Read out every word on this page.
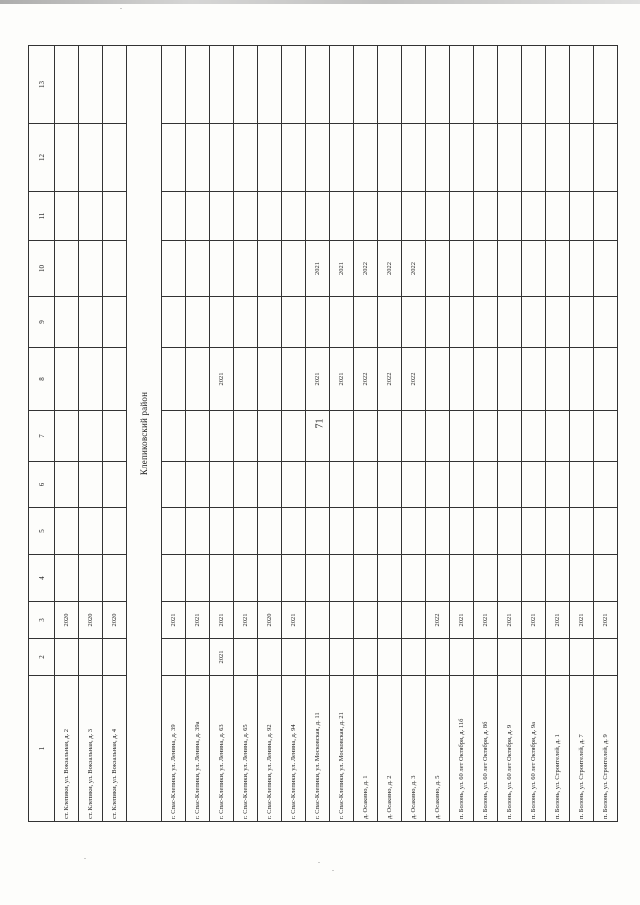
71
1	2	3	4	5	6	7	8	9	10	11	12	13
ст. Клепики, ул. Вокзальная, д. 2		2020										
ст. Клепики, ул. Вокзальная, д. 3		2020										
ст. Клепики, ул. Вокзальная, д. 4		2020										
Клепиковский район												
г. Спас-Клепики, ул. Ленина, д. 39		2021										
г. Спас-Клепики, ул. Ленина, д. 39а		2021										
г. Спас-Клепики, ул. Ленина, д. 63	2021	2021					2021					
г. Спас-Клепики, ул. Ленина, д. 65		2021										
г. Спас-Клепики, ул. Ленина, д. 92		2020										
г. Спас-Клепики, ул. Ленина, д. 94		2021										
г. Спас-Клепики, ул. Московская, д. 11							2021		2021			
г. Спас-Клепики, ул. Московская, д. 21							2021		2021			
д. Осакино, д. 1							2022		2022			
д. Осакино, д. 2							2022		2022			
д. Осакино, д. 3							2022		2022			
д. Осакино, д. 5		2022										
п. Болонь, ул. 60 лет Октября, д. 11б		2021										
п. Болонь, ул. 60 лет Октября, д. 8б		2021										
п. Болонь, ул. 60 лет Октября, д. 9		2021										
п. Болонь, ул. 60 лет Октября, д. 9а		2021										
п. Болонь, ул. Строителей, д. 1		2021										
п. Болонь, ул. Строителей, д. 7		2021										
п. Болонь, ул. Строителей, д. 9		2021										
